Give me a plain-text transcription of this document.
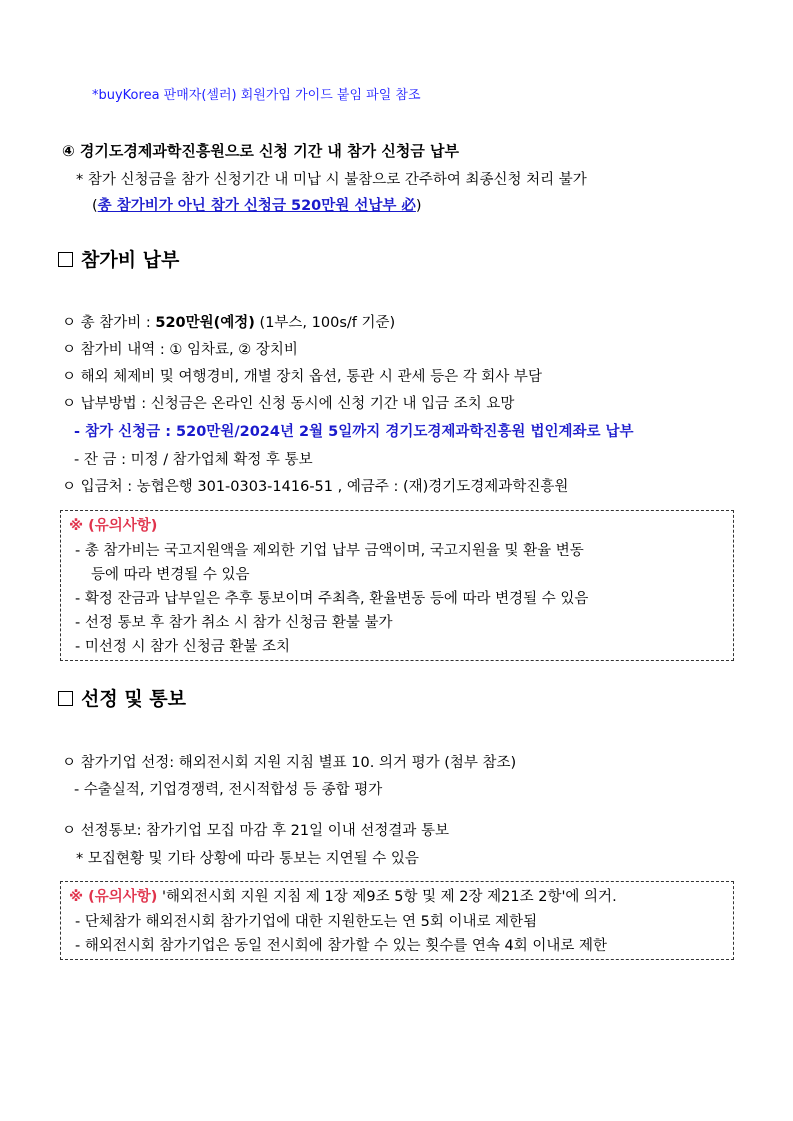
*buyKorea 판매자(셀러) 회원가입 가이드 붙임 파일 참조
④ 경기도경제과학진흥원으로 신청 기간 내 참가 신청금 납부
* 참가 신청금을 참가 신청기간 내 미납 시 불참으로 간주하여 최종신청 처리 불가
(총 참가비가 아닌 참가 신청금 520만원 선납부 必)
참가비 납부
ㅇ 총 참가비 : 520만원(예정) (1부스, 100s/f 기준)
ㅇ 참가비 내역 : ① 임차료, ② 장치비
ㅇ 해외 체제비 및 여행경비, 개별 장치 옵션, 통관 시 관세 등은 각 회사 부담
ㅇ 납부방법 : 신청금은 온라인 신청 동시에 신청 기간 내 입금 조치 요망
- 참가 신청금 : 520만원/2024년 2월 5일까지 경기도경제과학진흥원 법인계좌로 납부
- 잔 금 : 미정 / 참가업체 확정 후 통보
ㅇ 입금처 : 농협은행 301-0303-1416-51 , 예금주 : (재)경기도경제과학진흥원
※ (유의사항)
- 총 참가비는 국고지원액을 제외한 기업 납부 금액이며, 국고지원율 및 환율 변동
등에 따라 변경될 수 있음
- 확정 잔금과 납부일은 추후 통보이며 주최측, 환율변동 등에 따라 변경될 수 있음
- 선정 통보 후 참가 취소 시 참가 신청금 환불 불가
- 미선정 시 참가 신청금 환불 조치
선정 및 통보
ㅇ 참가기업 선정: 해외전시회 지원 지침 별표 10. 의거 평가 (첨부 참조)
- 수출실적, 기업경쟁력, 전시적합성 등 종합 평가
ㅇ 선정통보: 참가기업 모집 마감 후 21일 이내 선정결과 통보
* 모집현황 및 기타 상황에 따라 통보는 지연될 수 있음
※ (유의사항) '해외전시회 지원 지침 제 1장 제9조 5항 및 제 2장 제21조 2항'에 의거.
- 단체참가 해외전시회 참가기업에 대한 지원한도는 연 5회 이내로 제한됨
- 해외전시회 참가기업은 동일 전시회에 참가할 수 있는 횟수를 연속 4회 이내로 제한
